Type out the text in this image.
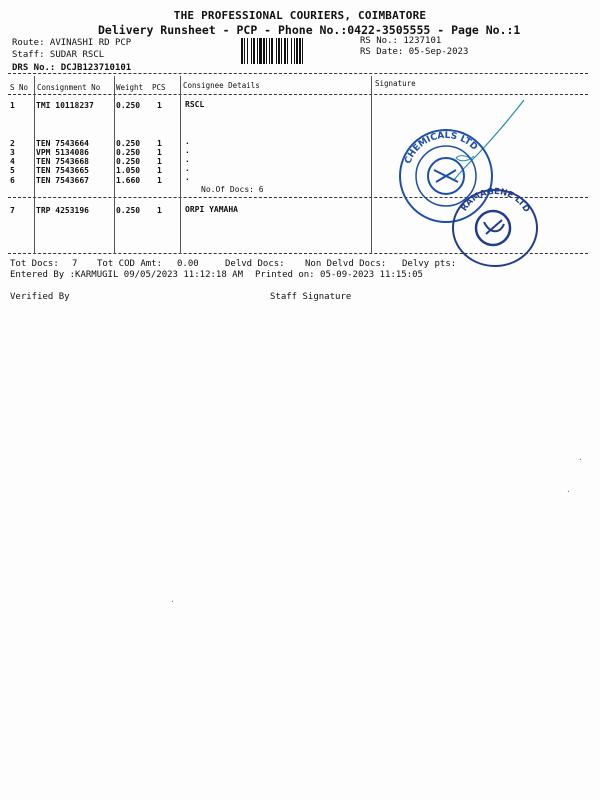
THE PROFESSIONAL COURIERS, COIMBATORE
Delivery Runsheet - PCP - Phone No.:0422-3505555 - Page No.:1
Route: AVINASHI RD PCP
Staff: SUDAR RSCL
DRS No.: DCJB123710101
RS No.: 1237101
RS Date: 05-Sep-2023
S No Consignment No Weight PCS Consignee Details	Signature
1	TMI 10118237	0.250 1	RSCL
2	TEN 7543664	0.250 1	.
3	VPM 5134086	0.250 1	.
4	TEN 7543668	0.250 1	.
5	TEN 7543665	1.050 1	.
6	TEN 7543667	1.660 1	.
No.Of Docs: 6
7	TRP 4253196	0.250 1	ORPI YAMAHA
Tot Docs: 7 Tot COD Amt: 0.00	Delvd Docs: Non Delvd Docs: Delvy pts:
Entered By :KARMUGIL 09/05/2023 11:12:18 AM Printed on: 05-09-2023 11:15:05
Verified By	Staff Signature
CHEMICALS LTD
RAMAGENE LTD
·
·
·
